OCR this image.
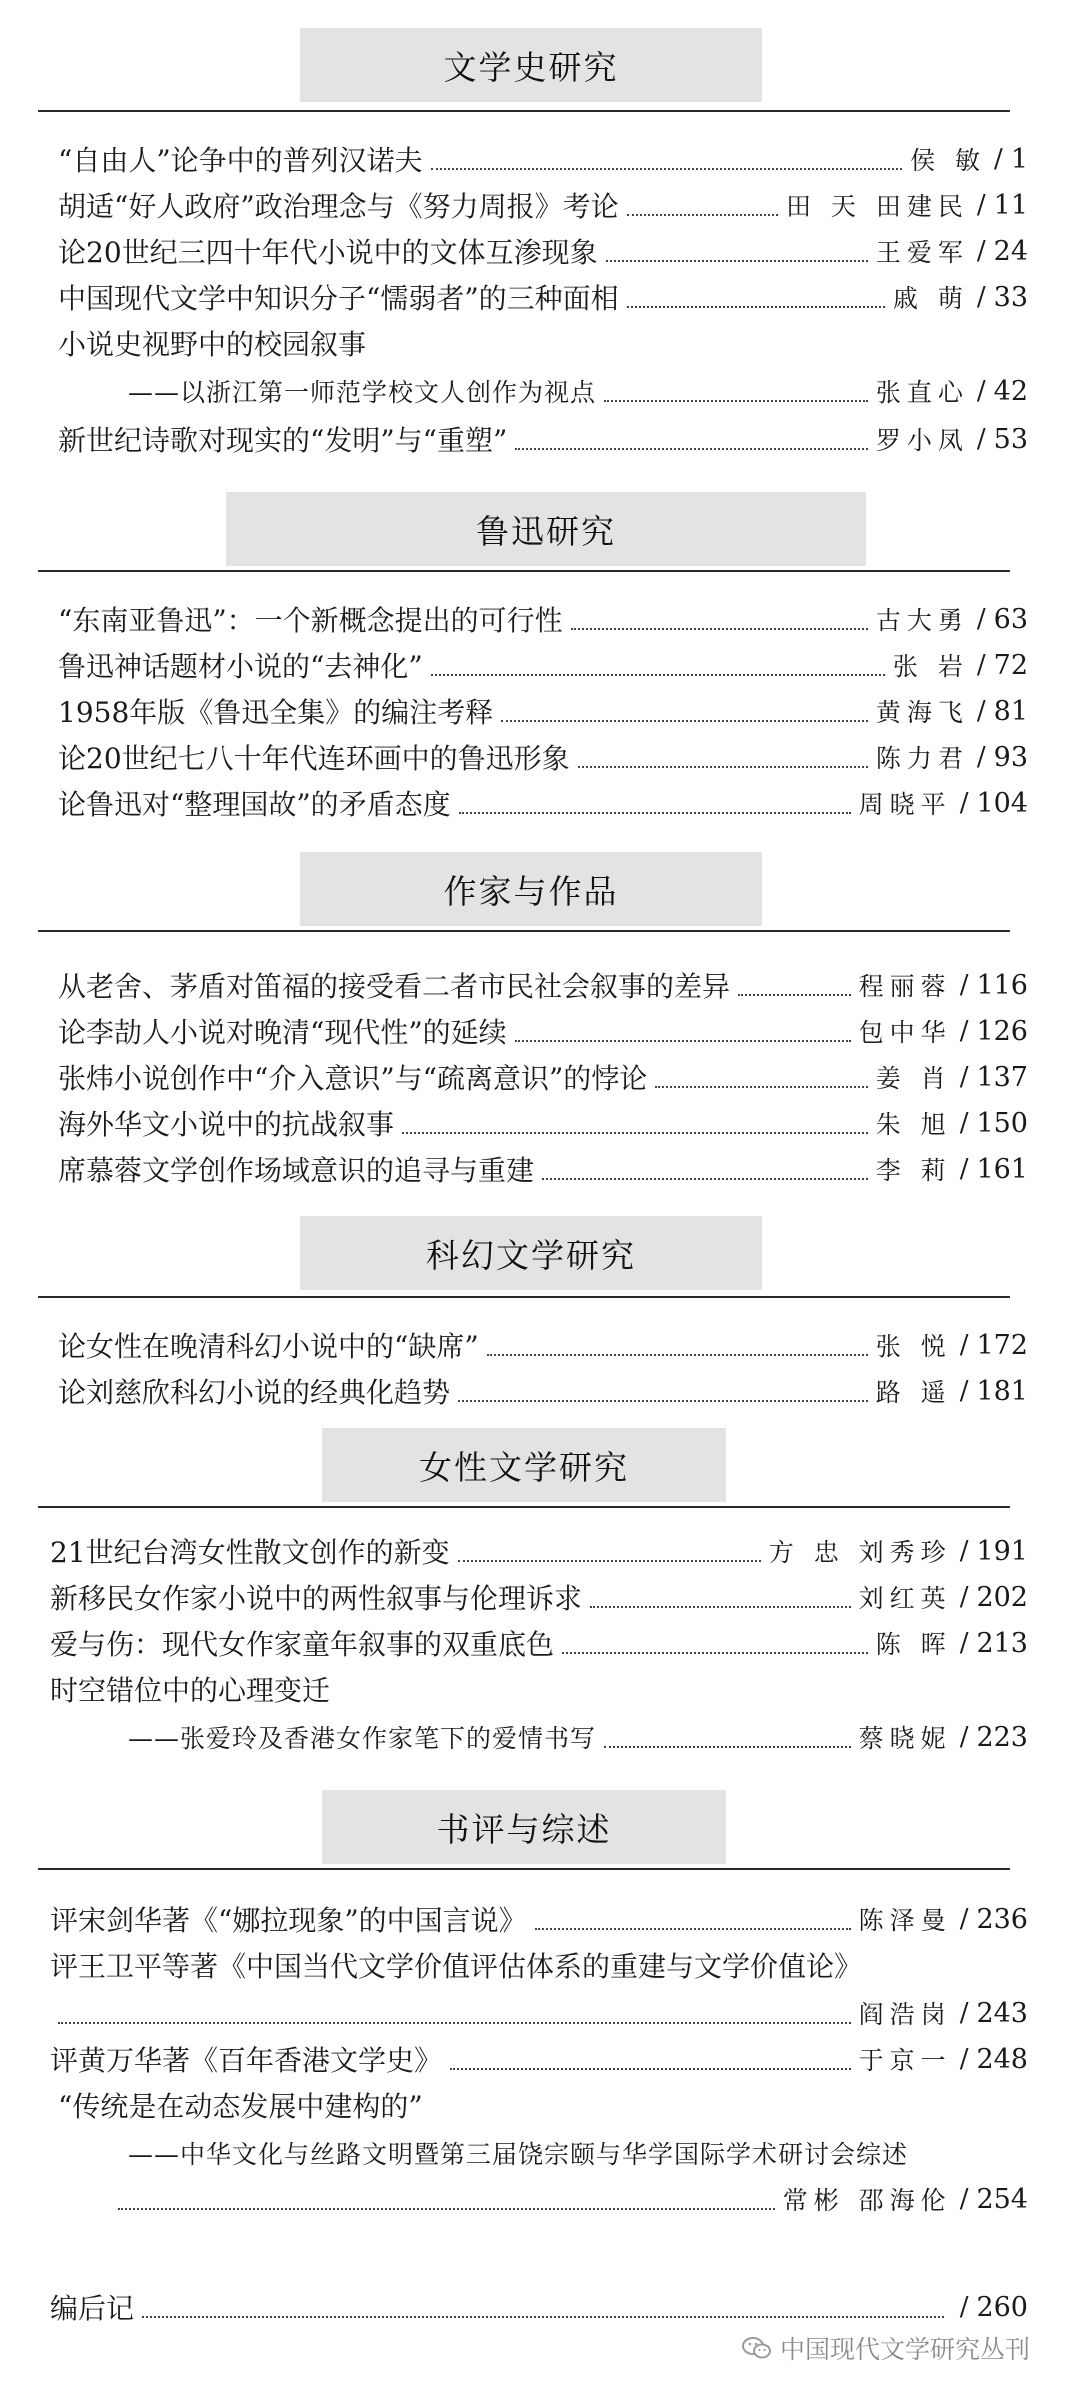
文学史研究
“自由人”论争中的普列汉诺夫	侯 敏 / 1
胡适“好人政府”政治理念与《努力周报》考论	田 天 田建民 / 11
论20世纪三四十年代小说中的文体互渗现象	王爱军 / 24
中国现代文学中知识分子“懦弱者”的三种面相	戚 萌 / 33
小说史视野中的校园叙事
——以浙江第一师范学校文人创作为视点	张直心 / 42
新世纪诗歌对现实的“发明”与“重塑”	罗小凤 / 53
鲁迅研究
“东南亚鲁迅”：一个新概念提出的可行性	古大勇 / 63
鲁迅神话题材小说的“去神化”	张 岩 / 72
1958年版《鲁迅全集》的编注考释	黄海飞 / 81
论20世纪七八十年代连环画中的鲁迅形象	陈力君 / 93
论鲁迅对“整理国故”的矛盾态度	周晓平 / 104
作家与作品
从老舍、茅盾对笛福的接受看二者市民社会叙事的差异	程丽蓉 / 116
论李劼人小说对晚清“现代性”的延续	包中华 / 126
张炜小说创作中“介入意识”与“疏离意识”的悖论	姜 肖 / 137
海外华文小说中的抗战叙事	朱 旭 / 150
席慕蓉文学创作场域意识的追寻与重建	李 莉 / 161
科幻文学研究
论女性在晚清科幻小说中的“缺席”	张 悦 / 172
论刘慈欣科幻小说的经典化趋势	路 遥 / 181
女性文学研究
21世纪台湾女性散文创作的新变	方 忠 刘秀珍 / 191
新移民女作家小说中的两性叙事与伦理诉求	刘红英 / 202
爱与伤：现代女作家童年叙事的双重底色	陈 晖 / 213
时空错位中的心理变迁
——张爱玲及香港女作家笔下的爱情书写	蔡晓妮 / 223
书评与综述
评宋剑华著《“娜拉现象”的中国言说》	陈泽曼 / 236
评王卫平等著《中国当代文学价值评估体系的重建与文学价值论》
阎浩岗 / 243
评黄万华著《百年香港文学史》	于京一 / 248
“传统是在动态发展中建构的”
——中华文化与丝路文明暨第三届饶宗颐与华学国际学术研讨会综述
常彬 邵海伦 / 254
编后记	/ 260
中国现代文学研究丛刊
